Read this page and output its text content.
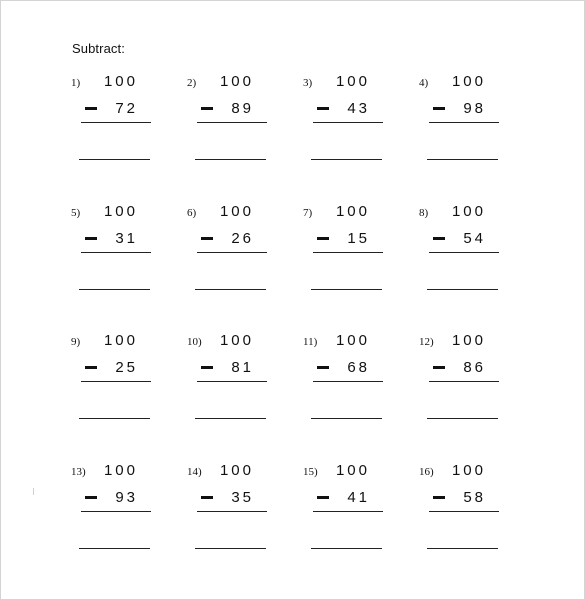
Subtract:
1) 100
72
2) 100
89
3) 100
43
4) 100
98
5) 100
31
6) 100
26
7) 100
15
8) 100
54
9) 100
25
10) 100
81
11) 100
68
12) 100
86
13) 100
93
14) 100
35
15) 100
41
16) 100
58
